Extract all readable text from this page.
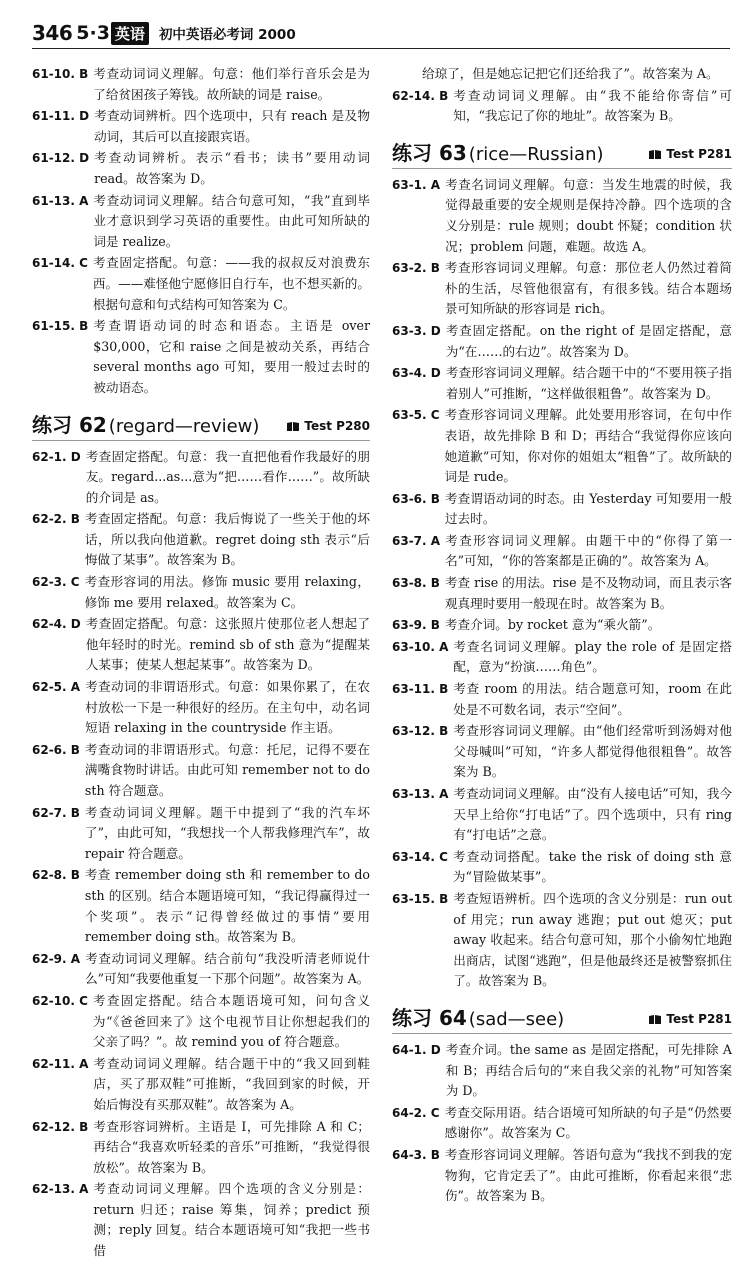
346 5·3 英语 初中英语必考词 2000
61-10. B 考查动词词义理解。句意：他们举行音乐会是为了给贫困孩子筹钱。故所缺的词是 raise。
61-11. D 考查动词辨析。四个选项中，只有 reach 是及物动词，其后可以直接跟宾语。
61-12. D 考查动词辨析。表示“看书；读书”要用动词 read。故答案为 D。
61-13. A 考查动词词义理解。结合句意可知，“我”直到毕业才意识到学习英语的重要性。由此可知所缺的词是 realize。
61-14. C 考查固定搭配。句意：——我的叔叔反对浪费东西。——难怪他宁愿修旧自行车，也不想买新的。根据句意和句式结构可知答案为 C。
61-15. B 考查谓语动词的时态和语态。主语是 over $30,000，它和 raise 之间是被动关系，再结合 several months ago 可知，要用一般过去时的被动语态。
练习 62 (regard—review)	Test P280
62-1. D 考查固定搭配。句意：我一直把他看作我最好的朋友。regard...as...意为“把……看作……”。故所缺的介词是 as。
62-2. B 考查固定搭配。句意：我后悔说了一些关于他的坏话，所以我向他道歉。regret doing sth 表示“后悔做了某事”。故答案为 B。
62-3. C 考查形容词的用法。修饰 music 要用 relaxing，修饰 me 要用 relaxed。故答案为 C。
62-4. D 考查固定搭配。句意：这张照片使那位老人想起了他年轻时的时光。remind sb of sth 意为“提醒某人某事；使某人想起某事”。故答案为 D。
62-5. A 考查动词的非谓语形式。句意：如果你累了，在农村放松一下是一种很好的经历。在主句中，动名词短语 relaxing in the countryside 作主语。
62-6. B 考查动词的非谓语形式。句意：托尼，记得不要在满嘴食物时讲话。由此可知 remember not to do sth 符合题意。
62-7. B 考查动词词义理解。题干中提到了“我的汽车坏了”，由此可知，“我想找一个人帮我修理汽车”，故 repair 符合题意。
62-8. B 考查 remember doing sth 和 remember to do sth 的区别。结合本题语境可知，“我记得赢得过一个奖项”。表示“记得曾经做过的事情”要用 remember doing sth。故答案为 B。
62-9. A 考查动词词义理解。结合前句“我没听清老师说什么”可知“我要他重复一下那个问题”。故答案为 A。
62-10. C 考查固定搭配。结合本题语境可知，问句含义为“《爸爸回来了》这个电视节目让你想起我们的父亲了吗？”。故 remind you of 符合题意。
62-11. A 考查动词词义理解。结合题干中的“我又回到鞋店，买了那双鞋”可推断，“我回到家的时候，开始后悔没有买那双鞋”。故答案为 A。
62-12. B 考查形容词辨析。主语是 I，可先排除 A 和 C；再结合“我喜欢听轻柔的音乐”可推断，“我觉得很放松”。故答案为 B。
62-13. A 考查动词词义理解。四个选项的含义分别是：return 归还；raise 筹集，饲养；predict 预测；reply 回复。结合本题语境可知“我把一些书借
给琼了，但是她忘记把它们还给我了”。故答案为 A。
62-14. B 考查动词词义理解。由“我不能给你寄信”可知，“我忘记了你的地址”。故答案为 B。
练习 63 (rice—Russian)	Test P281
63-1. A 考查名词词义理解。句意：当发生地震的时候，我觉得最重要的安全规则是保持冷静。四个选项的含义分别是：rule 规则；doubt 怀疑；condition 状况；problem 问题，难题。故选 A。
63-2. B 考查形容词词义理解。句意：那位老人仍然过着简朴的生活，尽管他很富有，有很多钱。结合本题场景可知所缺的形容词是 rich。
63-3. D 考查固定搭配。on the right of 是固定搭配，意为“在……的右边”。故答案为 D。
63-4. D 考查形容词词义理解。结合题干中的“不要用筷子指着别人”可推断，“这样做很粗鲁”。故答案为 D。
63-5. C 考查形容词词义理解。此处要用形容词，在句中作表语，故先排除 B 和 D；再结合“我觉得你应该向她道歉”可知，你对你的姐姐太“粗鲁”了。故所缺的词是 rude。
63-6. B 考查谓语动词的时态。由 Yesterday 可知要用一般过去时。
63-7. A 考查形容词词义理解。由题干中的“你得了第一名”可知，“你的答案都是正确的”。故答案为 A。
63-8. B 考查 rise 的用法。rise 是不及物动词，而且表示客观真理时要用一般现在时。故答案为 B。
63-9. B 考查介词。by rocket 意为“乘火箭”。
63-10. A 考查名词词义理解。play the role of 是固定搭配，意为“扮演……角色”。
63-11. B 考查 room 的用法。结合题意可知，room 在此处是不可数名词，表示“空间”。
63-12. B 考查形容词词义理解。由“他们经常听到汤姆对他父母喊叫”可知，“许多人都觉得他很粗鲁”。故答案为 B。
63-13. A 考查动词词义理解。由“没有人接电话”可知，我今天早上给你“打电话”了。四个选项中，只有 ring 有“打电话”之意。
63-14. C 考查动词搭配。take the risk of doing sth 意为“冒险做某事”。
63-15. B 考查短语辨析。四个选项的含义分别是：run out of 用完；run away 逃跑；put out 熄灭；put away 收起来。结合句意可知，那个小偷匆忙地跑出商店，试图“逃跑”，但是他最终还是被警察抓住了。故答案为 B。
练习 64 (sad—see)	Test P281
64-1. D 考查介词。the same as 是固定搭配，可先排除 A 和 B；再结合后句的“来自我父亲的礼物”可知答案为 D。
64-2. C 考查交际用语。结合语境可知所缺的句子是“仍然要感谢你”。故答案为 C。
64-3. B 考查形容词词义理解。答语句意为“我找不到我的宠物狗，它肯定丢了”。由此可推断，你看起来很“悲伤”。故答案为 B。
